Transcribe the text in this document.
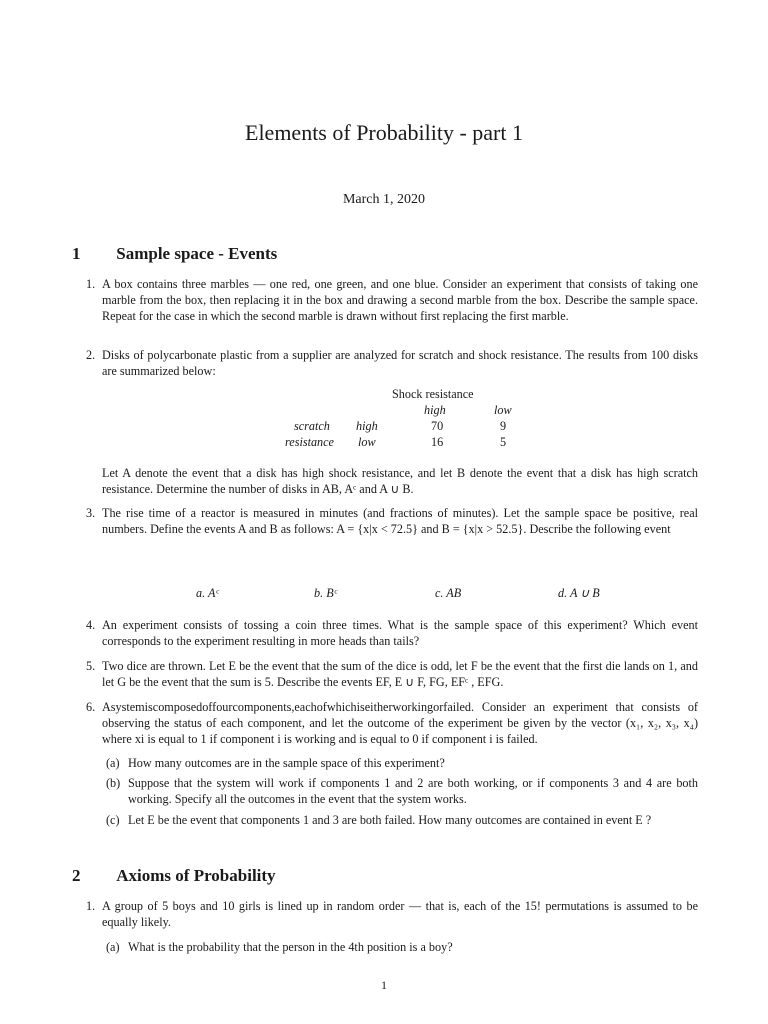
Elements of Probability - part 1
March 1, 2020
1 Sample space - Events
1. A box contains three marbles — one red, one green, and one blue. Consider an experiment that consists of taking one marble from the box, then replacing it in the box and drawing a second marble from the box. Describe the sample space. Repeat for the case in which the second marble is drawn without first replacing the first marble.
2. Disks of polycarbonate plastic from a supplier are analyzed for scratch and shock resistance. The results from 100 disks are summarized below:
Shock resistance
high	low
scratch high	70	9
resistance low	16	5
Let A denote the event that a disk has high shock resistance, and let B denote the event that a disk has high scratch resistance. Determine the number of disks in AB, Aᶜ and A ∪ B.
3. The rise time of a reactor is measured in minutes (and fractions of minutes). Let the sample space be positive, real numbers. Define the events A and B as follows: A = {x|x < 72.5} and B = {x|x > 52.5}. Describe the following event
a. Aᶜ	b. Bᶜ	c. AB	d. A ∪ B
4. An experiment consists of tossing a coin three times. What is the sample space of this experiment? Which event corresponds to the experiment resulting in more heads than tails?
5. Two dice are thrown. Let E be the event that the sum of the dice is odd, let F be the event that the first die lands on 1, and let G be the event that the sum is 5. Describe the events EF, E ∪ F, FG, EFᶜ , EFG.
6. Asystemiscomposedoffourcomponents,eachofwhichiseitherworkingorfailed. Consider an experiment that consists of observing the status of each component, and let the outcome of the experiment be given by the vector (x₁, x₂, x₃, x₄) where xi is equal to 1 if component i is working and is equal to 0 if component i is failed.
(a) How many outcomes are in the sample space of this experiment?
(b) Suppose that the system will work if components 1 and 2 are both working, or if components 3 and 4 are both working. Specify all the outcomes in the event that the system works.
(c) Let E be the event that components 1 and 3 are both failed. How many outcomes are contained in event E ?
2 Axioms of Probability
1. A group of 5 boys and 10 girls is lined up in random order — that is, each of the 15! permutations is assumed to be equally likely.
(a) What is the probability that the person in the 4th position is a boy?
1
